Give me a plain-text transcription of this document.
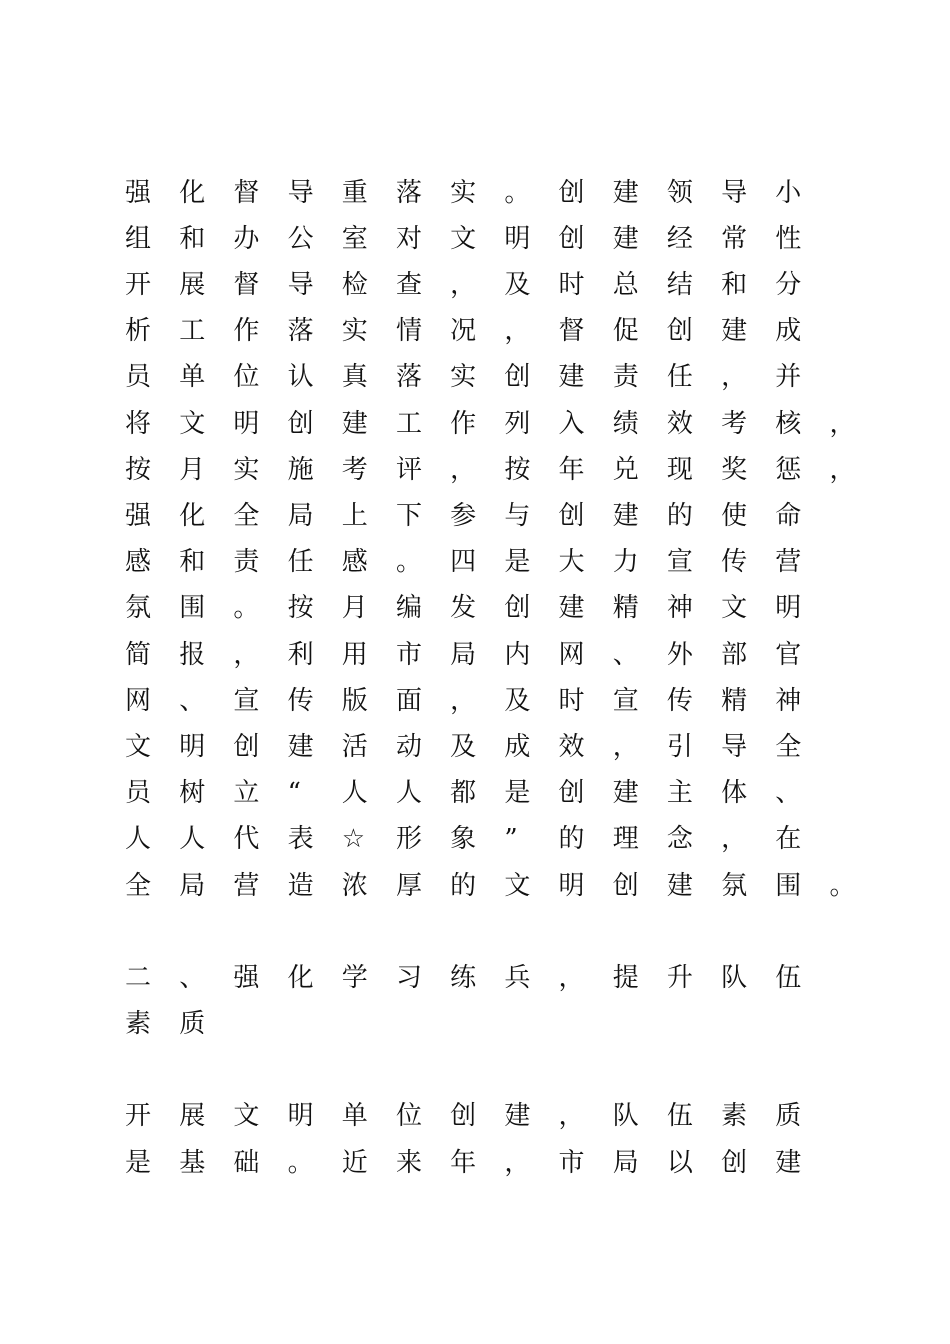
强	化	督	导	重	落	实	。	创	建	领	导	小
组	和	办	公	室	对	文	明	创	建	经	常	性
开	展	督	导	检	查	，	及	时	总	结	和	分
析	工	作	落	实	情	况	，	督	促	创	建	成
员	单	位	认	真	落	实	创	建	责	任	，	并
将	文	明	创	建	工	作	列	入	绩	效	考	核	，
按	月	实	施	考	评	，	按	年	兑	现	奖	惩	，
强	化	全	局	上	下	参	与	创	建	的	使	命
感	和	责	任	感	。	四	是	大	力	宣	传	营
氛	围	。	按	月	编	发	创	建	精	神	文	明
简	报	，	利	用	市	局	内	网	、	外	部	官
网	、	宣	传	版	面	，	及	时	宣	传	精	神
文	明	创	建	活	动	及	成	效	，	引	导	全
员	树	立	“	人	人	都	是	创	建	主	体	、
人	人	代	表	☆	形	象	”	的	理	念	，	在
全	局	营	造	浓	厚	的	文	明	创	建	氛	围	。
二	、	强	化	学	习	练	兵	，	提	升	队	伍
素	质
开	展	文	明	单	位	创	建	，	队	伍	素	质
是	基	础	。	近	来	年	，	市	局	以	创	建
